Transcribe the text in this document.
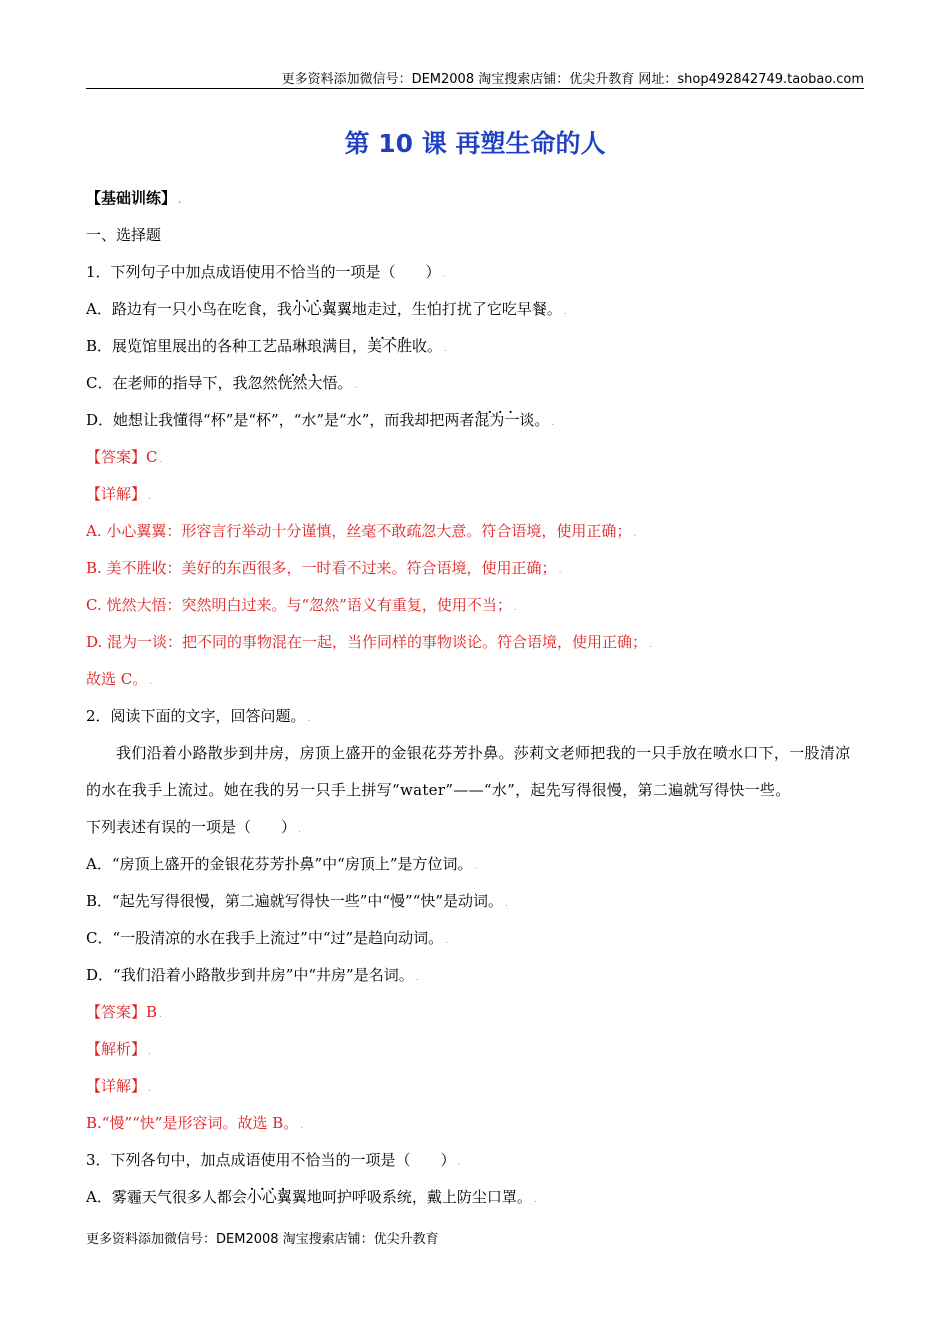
更多资料添加微信号：DEM2008 淘宝搜索店铺：优尖升教育 网址：shop492842749.taobao.com
第 10 课 再塑生命的人
【基础训练】 .
一、选择题
1．下列句子中加点成语使用不恰当的一项是（　　） .
A．路边有一只小鸟在吃食，我· · · · 小心翼翼地走过，生怕打扰了它吃早餐。 .
B．展览馆里展出的各种工艺品琳琅满目，· · · · 美不胜收。 .
C．在老师的指导下，我忽然· · · · 恍然大悟。 .
D．她想让我懂得“杯”是“杯”，“水”是“水”，而我却把两者· · · · 混为一谈。 .
【答案】C .
【详解】 .
A. 小心翼翼：形容言行举动十分谨慎，丝毫不敢疏忽大意。符合语境，使用正确； .
B. 美不胜收：美好的东西很多，一时看不过来。符合语境，使用正确； .
C. 恍然大悟：突然明白过来。与“忽然”语义有重复，使用不当； .
D. 混为一谈：把不同的事物混在一起，当作同样的事物谈论。符合语境，使用正确； .
故选 C。 .
2．阅读下面的文字，回答问题。 .
我们沿着小路散步到井房，房顶上盛开的金银花芬芳扑鼻。莎莉文老师把我的一只手放在喷水口下，一股清凉的水在我手上流过。她在我的另一只手上拼写“water”——“水”，起先写得很慢，第二遍就写得快一些。
下列表述有误的一项是（　　） .
A．“房顶上盛开的金银花芬芳扑鼻”中“房顶上”是方位词。 .
B．“起先写得很慢，第二遍就写得快一些”中“慢”“快”是动词。 .
C．“一股清凉的水在我手上流过”中“过”是趋向动词。 .
D．“我们沿着小路散步到井房”中“井房”是名词。 .
【答案】B .
【解析】 .
【详解】 .
B.“慢”“快”是形容词。故选 B。 .
3．下列各句中，加点成语使用不恰当的一项是（　　） .
A．雾霾天气很多人都会· · · · 小心翼翼地呵护呼吸系统，戴上防尘口罩。 .
更多资料添加微信号：DEM2008 淘宝搜索店铺：优尖升教育
